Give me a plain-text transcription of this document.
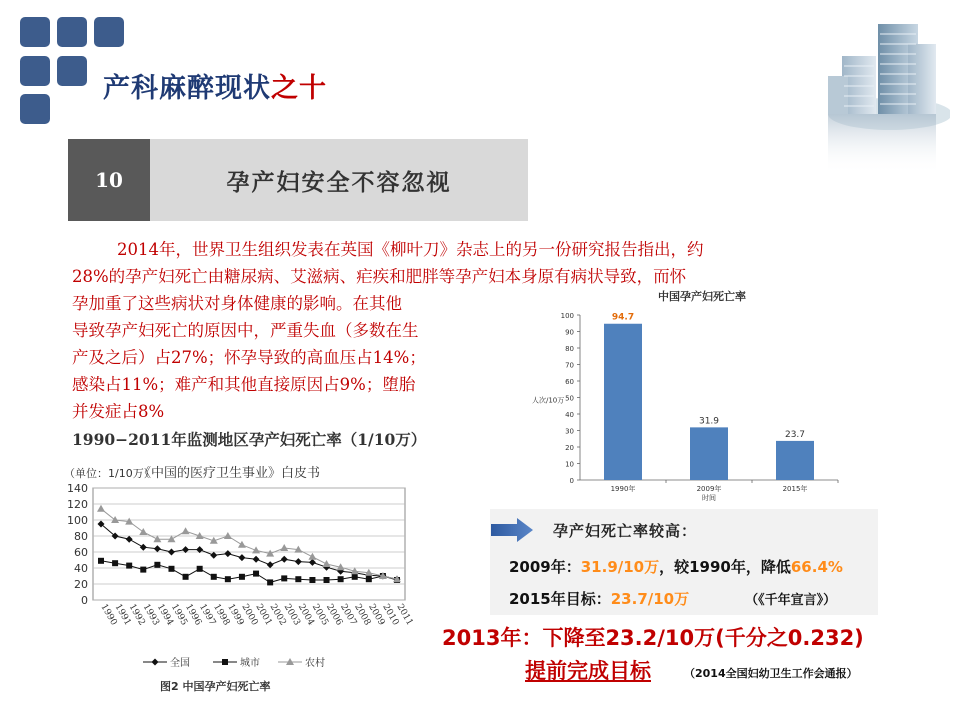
产科麻醉现状之十
10	孕产妇安全不容忽视
2014年，世界卫生组织发表在英国《柳叶刀》杂志上的另一份研究报告指出，约
28%的孕产妇死亡由糖尿病、艾滋病、疟疾和肥胖等孕产妇本身原有病状导致，而怀
孕加重了这些病状对身体健康的影响。在其他
导致孕产妇死亡的原因中，严重失血（多数在生
产及之后）占27%；怀孕导致的高血压占14%；
感染占11%；难产和其他直接原因占9%；堕胎
并发症占8%
1990−2011年监测地区孕产妇死亡率（1/10万）
（单位：1/10万）
《中国的医疗卫生事业》白皮书
0
20
40
60
80
100
120
140
1990
1991
1992
1993
1994
1995
1996
1997
1998
1999
2000
2001
2002
2003
2004
2005
2006
2007
2008
2009
2010
2011
全国	城市	农村
图2 中国孕产妇死亡率
中国孕产妇死亡率
0
10
20
30
40
50
60
70
80
90
100
人次/10万
94.7
1990年
31.9
2009年
23.7
2015年
时间
孕产妇死亡率较高：
2009年：31.9/10万，较1990年，降低66.4%
2015年目标：23.7/10万	（《千年宣言》）
2013年：下降至23.2/10万(千分之0.232)
提前完成目标	（2014全国妇幼卫生工作会通报）
